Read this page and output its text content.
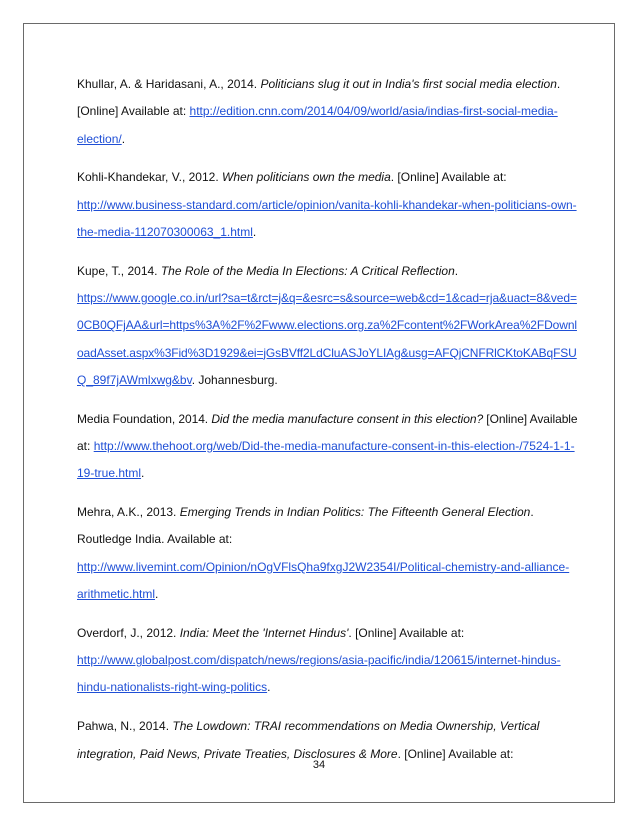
Khullar, A. & Haridasani, A., 2014. Politicians slug it out in India's first social media election.
[Online] Available at: http://edition.cnn.com/2014/04/09/world/asia/indias-first-social-media-
election/.
Kohli-Khandekar, V., 2012. When politicians own the media. [Online] Available at:
http://www.business-standard.com/article/opinion/vanita-kohli-khandekar-when-politicians-own-
the-media-112070300063_1.html.
Kupe, T., 2014. The Role of the Media In Elections: A Critical Reflection.
https://www.google.co.in/url?sa=t&rct=j&q=&esrc=s&source=web&cd=1&cad=rja&uact=8&ved=
0CB0QFjAA&url=https%3A%2F%2Fwww.elections.org.za%2Fcontent%2FWorkArea%2FDownl
oadAsset.aspx%3Fid%3D1929&ei=jGsBVff2LdCluASJoYLIAg&usg=AFQjCNFRlCKtoKABqFSU
Q_89f7jAWmlxwg&bv. Johannesburg.
Media Foundation, 2014. Did the media manufacture consent in this election? [Online] Available
at: http://www.thehoot.org/web/Did-the-media-manufacture-consent-in-this-election-/7524-1-1-
19-true.html.
Mehra, A.K., 2013. Emerging Trends in Indian Politics: The Fifteenth General Election.
Routledge India. Available at:
http://www.livemint.com/Opinion/nOgVFlsQha9fxgJ2W2354I/Political-chemistry-and-alliance-
arithmetic.html.
Overdorf, J., 2012. India: Meet the 'Internet Hindus'. [Online] Available at:
http://www.globalpost.com/dispatch/news/regions/asia-pacific/india/120615/internet-hindus-
hindu-nationalists-right-wing-politics.
Pahwa, N., 2014. The Lowdown: TRAI recommendations on Media Ownership, Vertical
integration, Paid News, Private Treaties, Disclosures & More. [Online] Available at:
34
